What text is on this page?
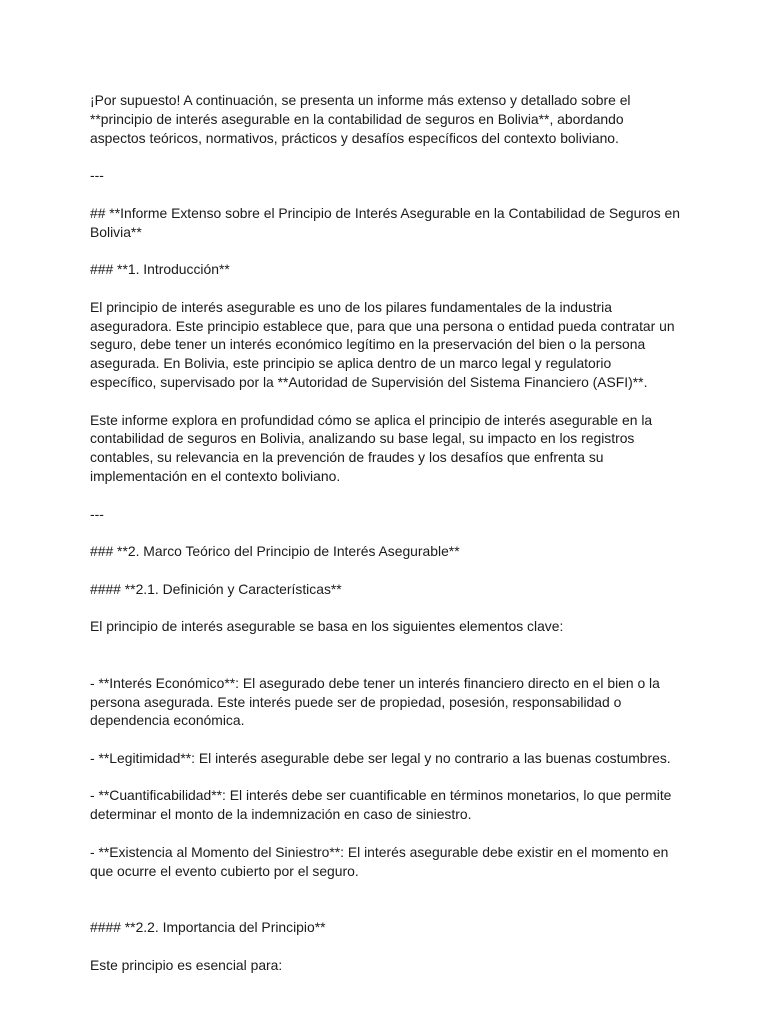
¡Por supuesto! A continuación, se presenta un informe más extenso y detallado sobre el
**principio de interés asegurable en la contabilidad de seguros en Bolivia**, abordando
aspectos teóricos, normativos, prácticos y desafíos específicos del contexto boliviano.

---

## **Informe Extenso sobre el Principio de Interés Asegurable en la Contabilidad de Seguros en
Bolivia**

### **1. Introducción**

El principio de interés asegurable es uno de los pilares fundamentales de la industria
aseguradora. Este principio establece que, para que una persona o entidad pueda contratar un
seguro, debe tener un interés económico legítimo en la preservación del bien o la persona
asegurada. En Bolivia, este principio se aplica dentro de un marco legal y regulatorio
específico, supervisado por la **Autoridad de Supervisión del Sistema Financiero (ASFI)**.

Este informe explora en profundidad cómo se aplica el principio de interés asegurable en la
contabilidad de seguros en Bolivia, analizando su base legal, su impacto en los registros
contables, su relevancia en la prevención de fraudes y los desafíos que enfrenta su
implementación en el contexto boliviano.

---

### **2. Marco Teórico del Principio de Interés Asegurable**

#### **2.1. Definición y Características**

El principio de interés asegurable se basa en los siguientes elementos clave:

- **Interés Económico**: El asegurado debe tener un interés financiero directo en el bien o la
persona asegurada. Este interés puede ser de propiedad, posesión, responsabilidad o
dependencia económica.

- **Legitimidad**: El interés asegurable debe ser legal y no contrario a las buenas costumbres.

- **Cuantificabilidad**: El interés debe ser cuantificable en términos monetarios, lo que permite
determinar el monto de la indemnización en caso de siniestro.

- **Existencia al Momento del Siniestro**: El interés asegurable debe existir en el momento en
que ocurre el evento cubierto por el seguro.

#### **2.2. Importancia del Principio**

Este principio es esencial para:
